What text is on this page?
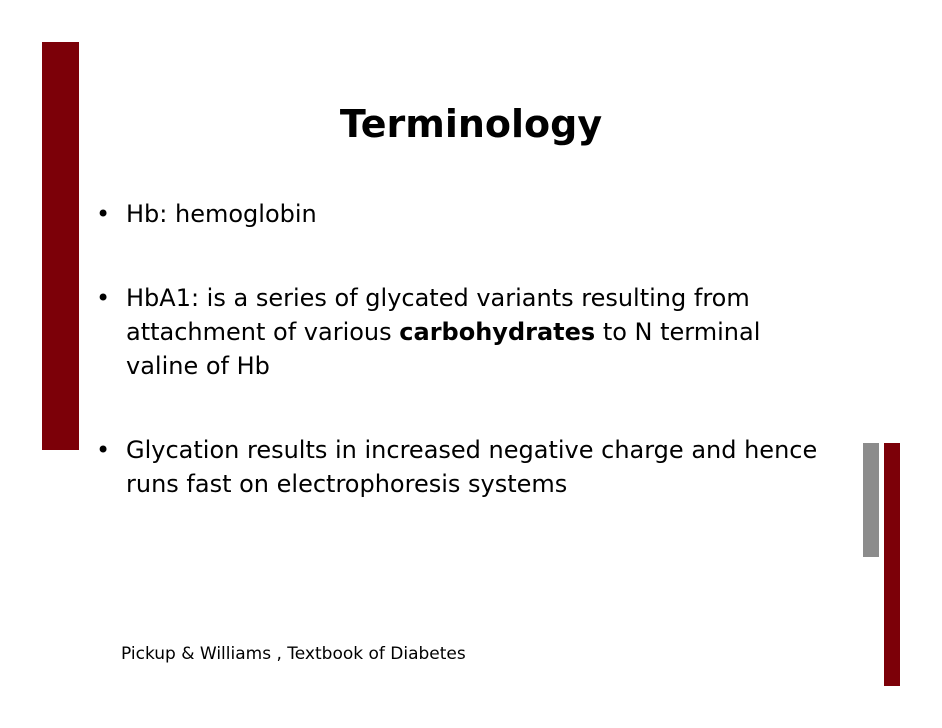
Terminology
• Hb: hemoglobin
• HbA1: is a series of glycated variants resulting from
attachment of various carbohydrates to N terminal
valine of Hb
• Glycation results in increased negative charge and hence
runs fast on electrophoresis systems
Pickup & Williams , Textbook of Diabetes
